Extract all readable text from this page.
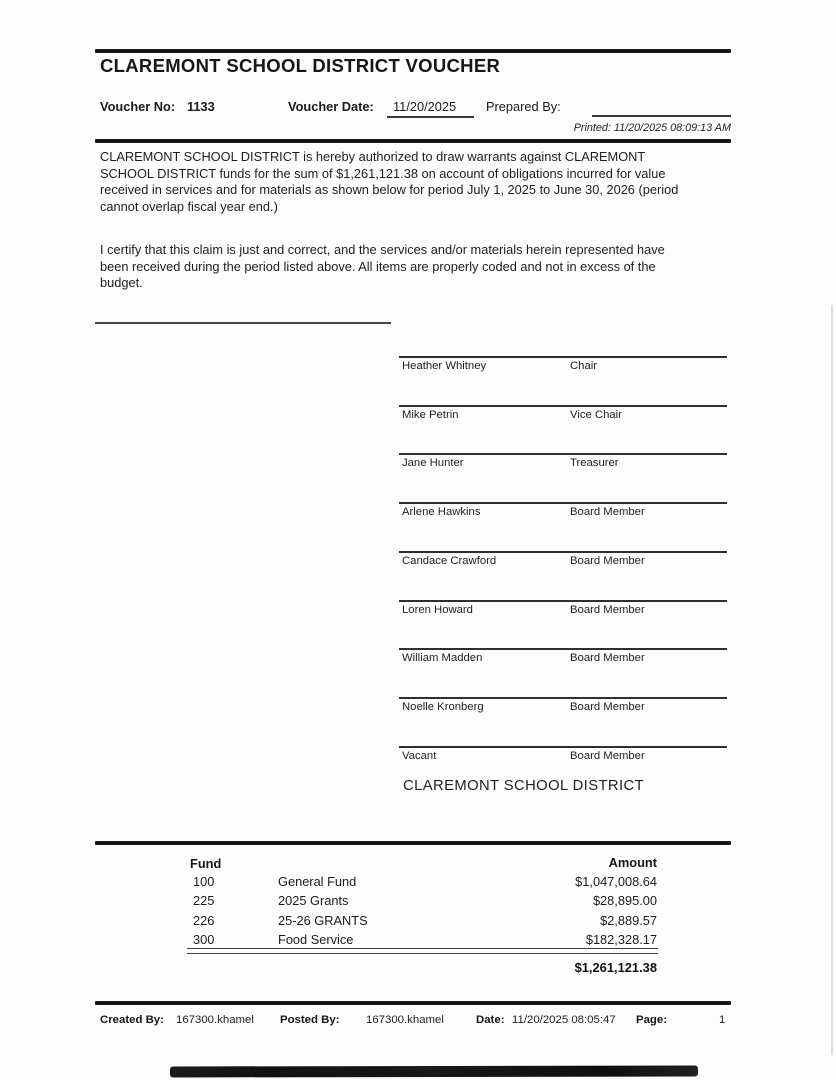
CLAREMONT SCHOOL DISTRICT VOUCHER
Voucher No: 1133	Voucher Date: 11/20/2025 Prepared By:
Printed: 11/20/2025 08:09:13 AM
CLAREMONT SCHOOL DISTRICT is hereby authorized to draw warrants against CLAREMONT
SCHOOL DISTRICT funds for the sum of $1,261,121.38 on account of obligations incurred for value
received in services and for materials as shown below for period July 1, 2025 to June 30, 2026 (period
cannot overlap fiscal year end.)
I certify that this claim is just and correct, and the services and/or materials herein represented have
been received during the period listed above. All items are properly coded and not in excess of the
budget.
Heather Whitney	Chair
Mike Petrin	Vice Chair
Jane Hunter	Treasurer
Arlene Hawkins	Board Member
Candace Crawford	Board Member
Loren Howard	Board Member
William Madden	Board Member
Noelle Kronberg	Board Member
Vacant	Board Member
CLAREMONT SCHOOL DISTRICT
Fund	Amount
100	General Fund	$1,047,008.64
225	2025 Grants	$28,895.00
226	25-26 GRANTS	$2,889.57
300	Food Service	$182,328.17
$1,261,121.38
Created By: 167300.khamel Posted By: 167300.khamel	Date: 11/20/2025 08:05:47 Page:	1
